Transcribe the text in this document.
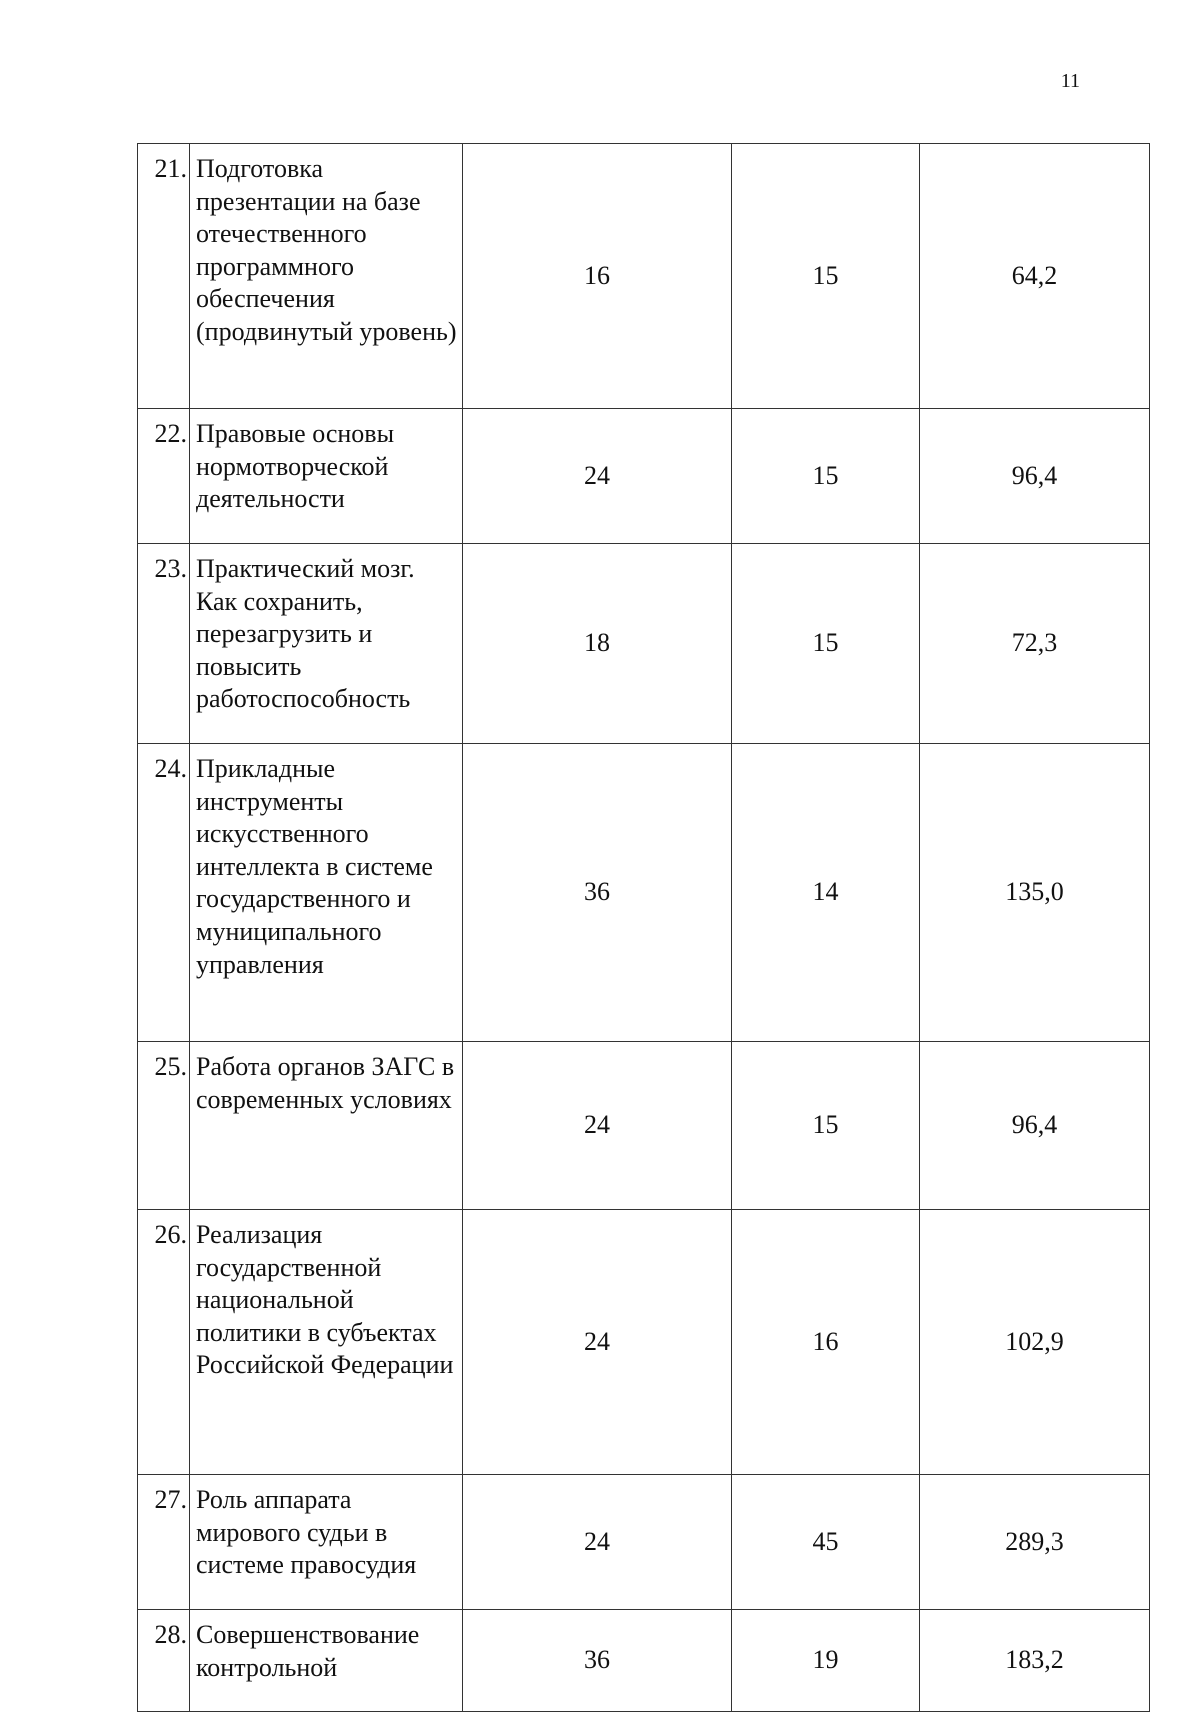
11
21.	Подготовка презентации на базе отечественного программного обеспечения (продвинутый уровень)	16	15	64,2
22.	Правовые основы нормотворческой деятельности	24	15	96,4
23.	Практический мозг. Как сохранить, перезагрузить и повысить работоспособность	18	15	72,3
24.	Прикладные инструменты искусственного интеллекта в системе государственного и муниципального управления	36	14	135,0
25.	Работа органов ЗАГС в современных условиях	24	15	96,4
26.	Реализация государственной национальной политики в субъектах Российской Федерации	24	16	102,9
27.	Роль аппарата мирового судьи в системе правосудия	24	45	289,3
28.	Совершенствование контрольной	36	19	183,2
